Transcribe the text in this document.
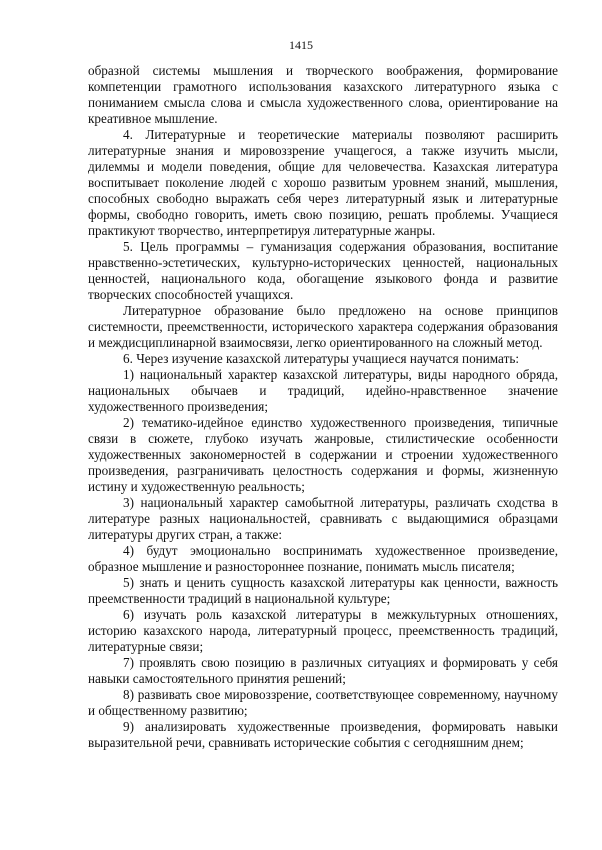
1415

образной системы мышления и творческого воображения, формирование компетенции грамотного использования казахского литературного языка с пониманием смысла слова и смысла художественного слова, ориентирование на креативное мышление.

4. Литературные и теоретические материалы позволяют расширить литературные знания и мировоззрение учащегося, а также изучить мысли, дилеммы и модели поведения, общие для человечества. Казахская литература воспитывает поколение людей с хорошо развитым уровнем знаний, мышления, способных свободно выражать себя через литературный язык и литературные формы, свободно говорить, иметь свою позицию, решать проблемы. Учащиеся практикуют творчество, интерпретируя литературные жанры.

5. Цель программы – гуманизация содержания образования, воспитание нравственно-эстетических, культурно-исторических ценностей, национальных ценностей, национального кода, обогащение языкового фонда и развитие творческих способностей учащихся.

Литературное образование было предложено на основе принципов системности, преемственности, исторического характера содержания образования и междисциплинарной взаимосвязи, легко ориентированного на сложный метод.

6. Через изучение казахской литературы учащиеся научатся понимать:

1) национальный характер казахской литературы, виды народного обряда, национальных обычаев и традиций, идейно-нравственное значение художественного произведения;

2) тематико-идейное единство художественного произведения, типичные связи в сюжете, глубоко изучать жанровые, стилистические особенности художественных закономерностей в содержании и строении художественного произведения, разграничивать целостность содержания и формы, жизненную истину и художественную реальность;

3) национальный характер самобытной литературы, различать сходства в литературе разных национальностей, сравнивать с выдающимися образцами литературы других стран, а также:

4) будут эмоционально воспринимать художественное произведение, образное мышление и разностороннее познание, понимать мысль писателя;

5) знать и ценить сущность казахской литературы как ценности, важность преемственности традиций в национальной культуре;

6) изучать роль казахской литературы в межкультурных отношениях, историю казахского народа, литературный процесс, преемственность традиций, литературные связи;

7) проявлять свою позицию в различных ситуациях и формировать у себя навыки самостоятельного принятия решений;

8) развивать свое мировоззрение, соответствующее современному, научному и общественному развитию;

9) анализировать художественные произведения, формировать навыки выразительной речи, сравнивать исторические события с сегодняшним днем;
